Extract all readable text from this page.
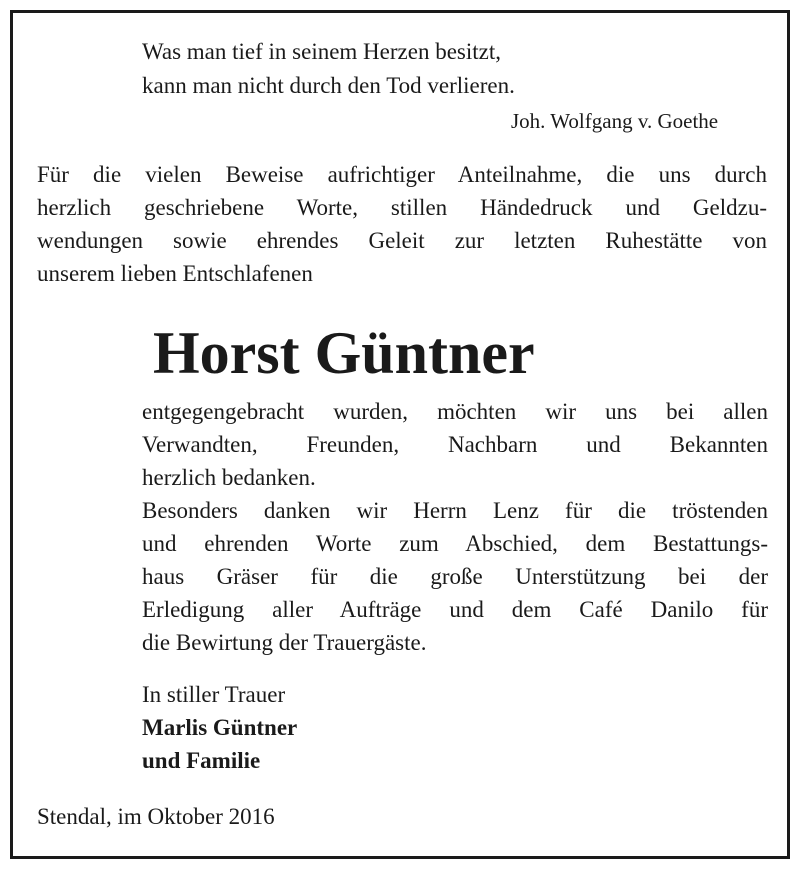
Was man tief in seinem Herzen besitzt,
kann man nicht durch den Tod verlieren.
Joh. Wolfgang v. Goethe
Für die vielen Beweise aufrichtiger Anteilnahme, die uns durch
herzlich geschriebene Worte, stillen Händedruck und Geldzu-
wendungen sowie ehrendes Geleit zur letzten Ruhestätte von
unserem lieben Entschlafenen
Horst Güntner
entgegengebracht wurden, möchten wir uns bei allen
Verwandten, Freunden, Nachbarn und Bekannten
herzlich bedanken.
Besonders danken wir Herrn Lenz für die tröstenden
und ehrenden Worte zum Abschied, dem Bestattungs-
haus Gräser für die große Unterstützung bei der
Erledigung aller Aufträge und dem Café Danilo für
die Bewirtung der Trauergäste.
In stiller Trauer
Marlis Güntner
und Familie
Stendal, im Oktober 2016
